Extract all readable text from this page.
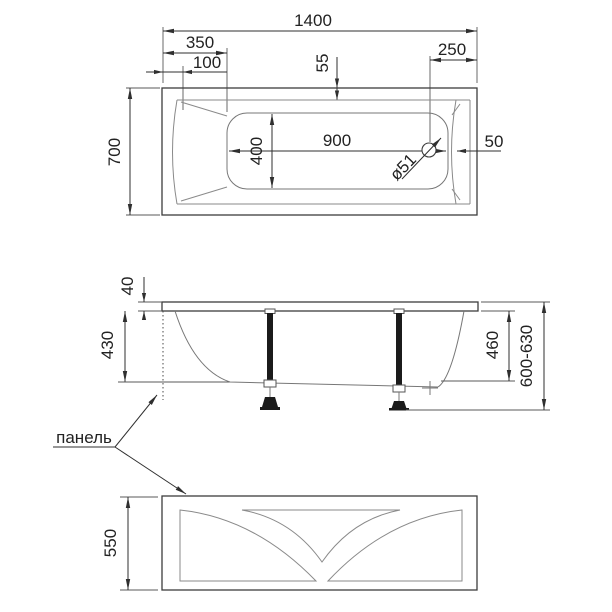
1400
350
100
250
55
700	900
400	ø51
50
40
430	460 600-630
панель
550
